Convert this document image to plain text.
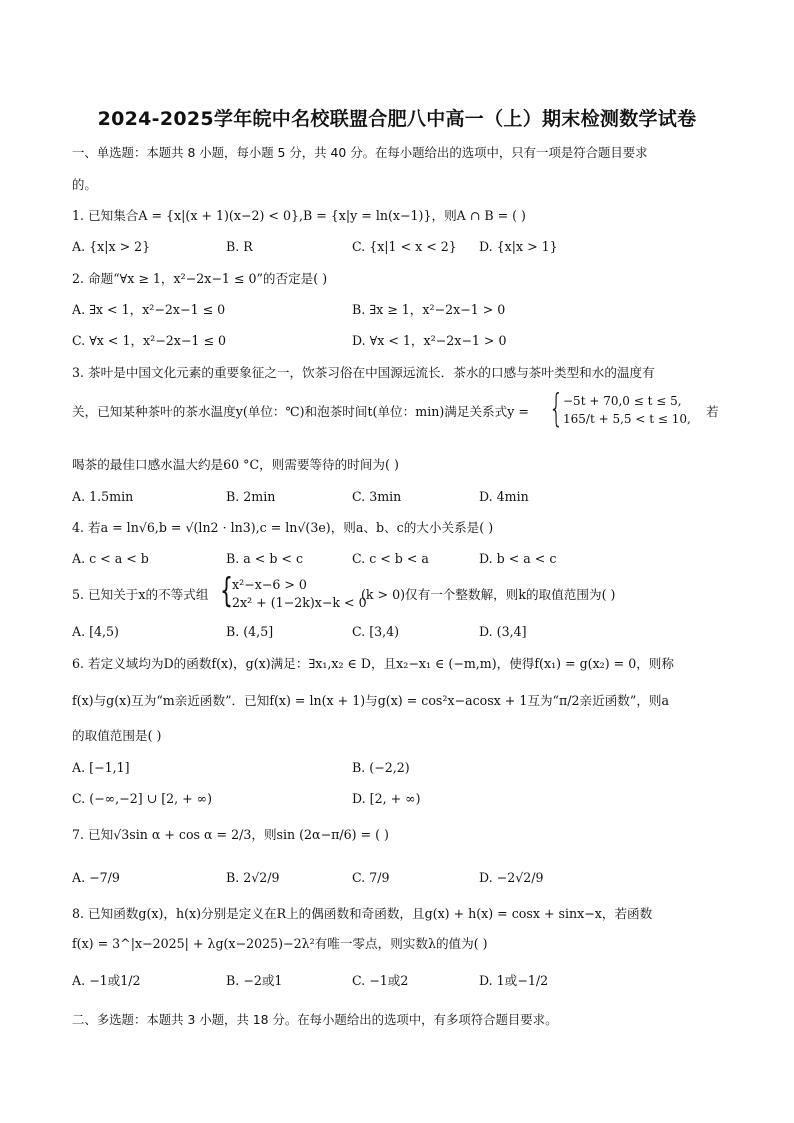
2024-2025学年皖中名校联盟合肥八中高一（上）期末检测数学试卷
一、单选题：本题共 8 小题，每小题 5 分，共 40 分。在每小题给出的选项中，只有一项是符合题目要求
的。
1. 已知集合A = {x|(x + 1)(x−2) < 0},B = {x|y = ln(x−1)}，则A ∩ B = ( )
A. {x|x > 2}	B. R	C. {x|1 < x < 2} D. {x|x > 1}
2. 命题“∀x ≥ 1，x²−2x−1 ≤ 0”的否定是( )
A. ∃x < 1，x²−2x−1 ≤ 0	B. ∃x ≥ 1，x²−2x−1 > 0
C. ∀x < 1，x²−2x−1 ≤ 0	D. ∀x < 1，x²−2x−1 > 0
3. 茶叶是中国文化元素的重要象征之一，饮茶习俗在中国源远流长．茶水的口感与茶叶类型和水的温度有
关，已知某种茶叶的茶水温度y(单位：℃)和泡茶时间t(单位：min)满足关系式y = { −5t + 70,0 ≤ t ≤ 5,
165/t + 5,5 < t ≤ 10, 若
喝茶的最佳口感水温大约是60 °C，则需要等待的时间为( )
A. 1.5min	B. 2min	C. 3min	D. 4min
4. 若a = ln√6,b = √(ln2 · ln3),c = ln√(3e)，则a、b、c的大小关系是( )
A. c < a < b	B. a < b < c	C. c < b < a	D. b < a < c
5. 已知关于x的不等式组 { x²−x−6 > 0
2x² + (1−2k)x−k < 0
(k > 0)仅有一个整数解，则k的取值范围为( )
A. [4,5)	B. (4,5]	C. [3,4)	D. (3,4]
6. 若定义域均为D的函数f(x)，g(x)满足：∃x₁,x₂ ∈ D，且x₂−x₁ ∈ (−m,m)，使得f(x₁) = g(x₂) = 0，则称
f(x)与g(x)互为“m亲近函数”．已知f(x) = ln(x + 1)与g(x) = cos²x−acosx + 1互为“π/2亲近函数”，则a
的取值范围是( )
A. [−1,1]	B. (−2,2)
C. (−∞,−2] ∪ [2, + ∞)	D. [2, + ∞)
7. 已知√3sin α + cos α = 2/3，则sin (2α−π/6) = ( )
A. −7/9	B. 2√2/9	C. 7/9	D. −2√2/9
8. 已知函数g(x)，h(x)分别是定义在R上的偶函数和奇函数，且g(x) + h(x) = cosx + sinx−x，若函数
f(x) = 3^|x−2025| + λg(x−2025)−2λ²有唯一零点，则实数λ的值为( )
A. −1或1/2	B. −2或1	C. −1或2	D. 1或−1/2
二、多选题：本题共 3 小题，共 18 分。在每小题给出的选项中，有多项符合题目要求。
